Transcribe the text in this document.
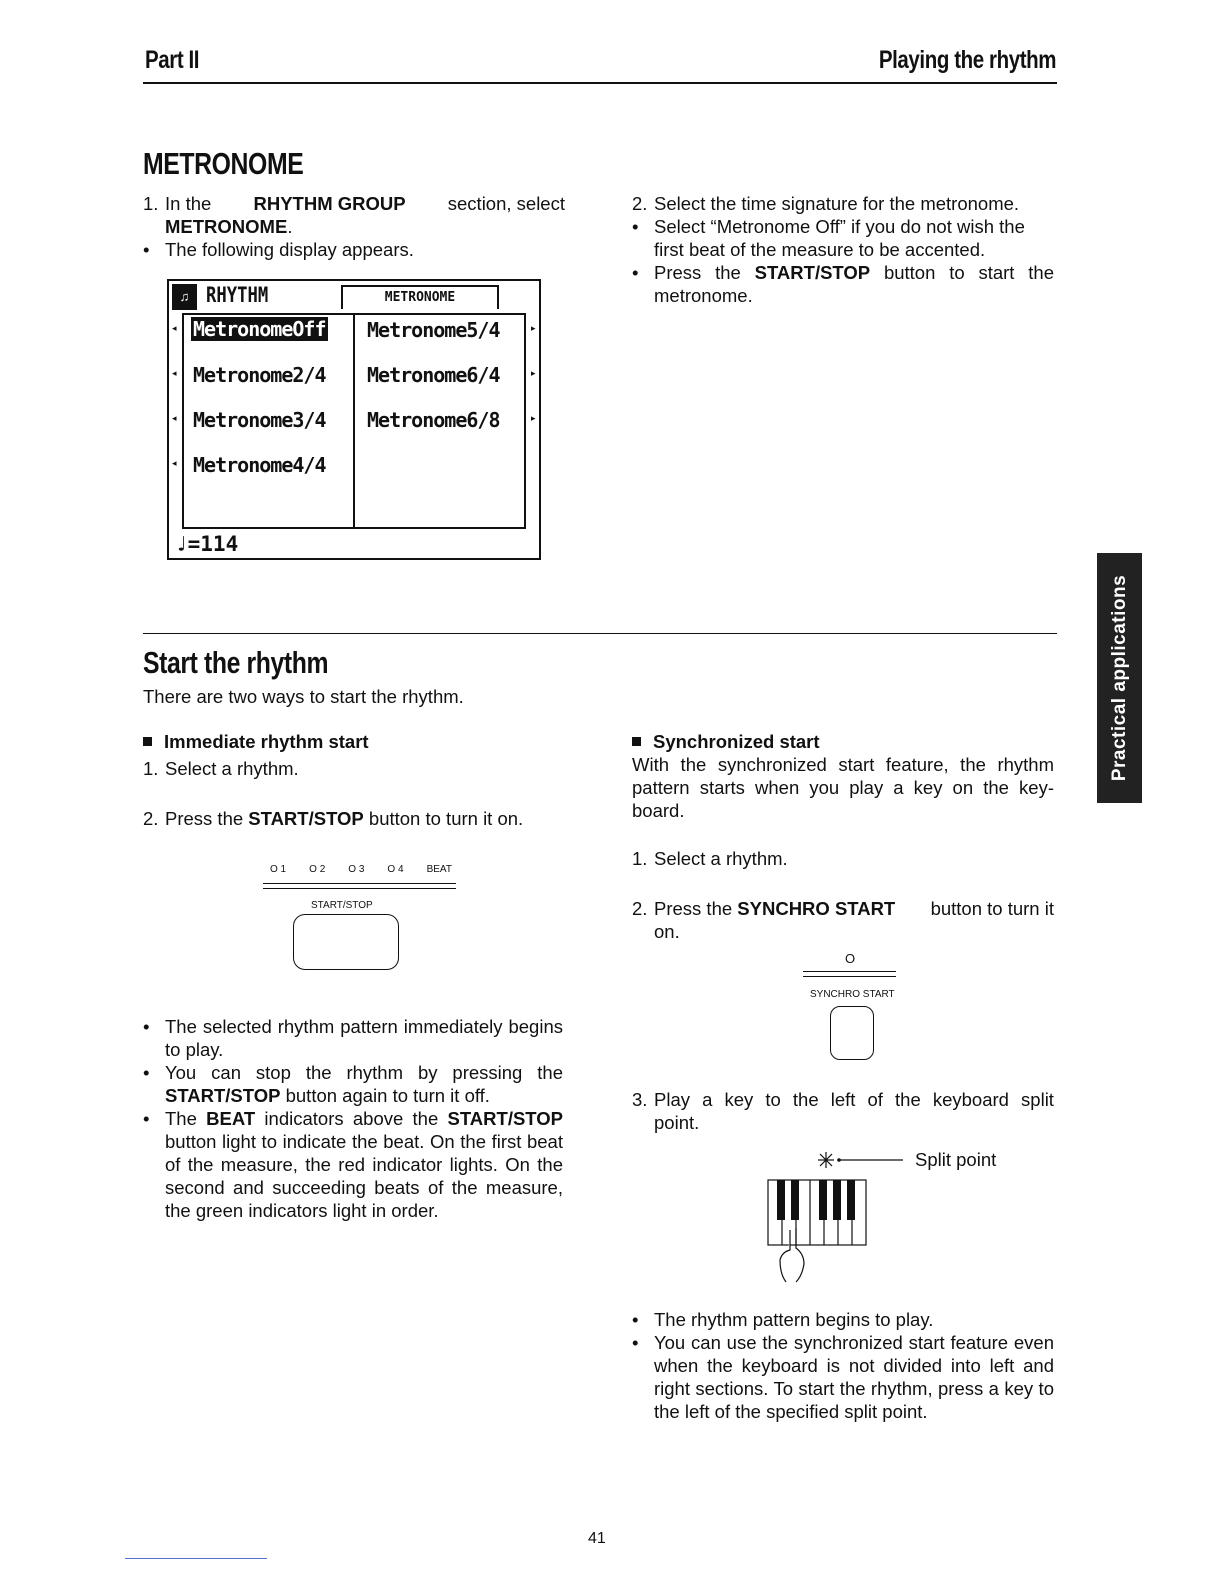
Part II	Playing the rhythm
METRONOME
1. In the RHYTHM GROUP section, select
METRONOME.
• The following display appears.
♫ RHYTHM	METRONOME
◂
◂
◂
◂
▸
▸
▸
MetronomeOff
Metronome2/4
Metronome3/4
Metronome4/4
Metronome5/4
Metronome6/4
Metronome6/8
♩=114
2. Select the time signature for the metronome.
• Select “Metronome Off” if you do not wish the first beat of the measure to be accented.
• Press the START/STOP button to start the metronome.
Practical applications
Start the rhythm
There are two ways to start the rhythm.
Immediate rhythm start
1. Select a rhythm.
2. Press the START/STOP button to turn it on.
O 1 O 2 O 3 O 4 BEAT
START/STOP
• The selected rhythm pattern immediately begins to play.
• You can stop the rhythm by pressing the START/STOP button again to turn it off.
• The BEAT indicators above the START/STOP button light to indicate the beat. On the first beat of the measure, the red indicator lights. On the second and succeeding beats of the measure, the green indicators light in order.
Synchronized start
With the synchronized start feature, the rhythm pattern starts when you play a key on the key-board.
1. Select a rhythm.
2. Press the SYNCHRO START button to turn it
on.
O
SYNCHRO START
3. Play a key to the left of the keyboard split
point.
Split point
• The rhythm pattern begins to play.
• You can use the synchronized start feature even when the keyboard is not divided into left and right sections. To start the rhythm, press a key to the left of the specified split point.
41
